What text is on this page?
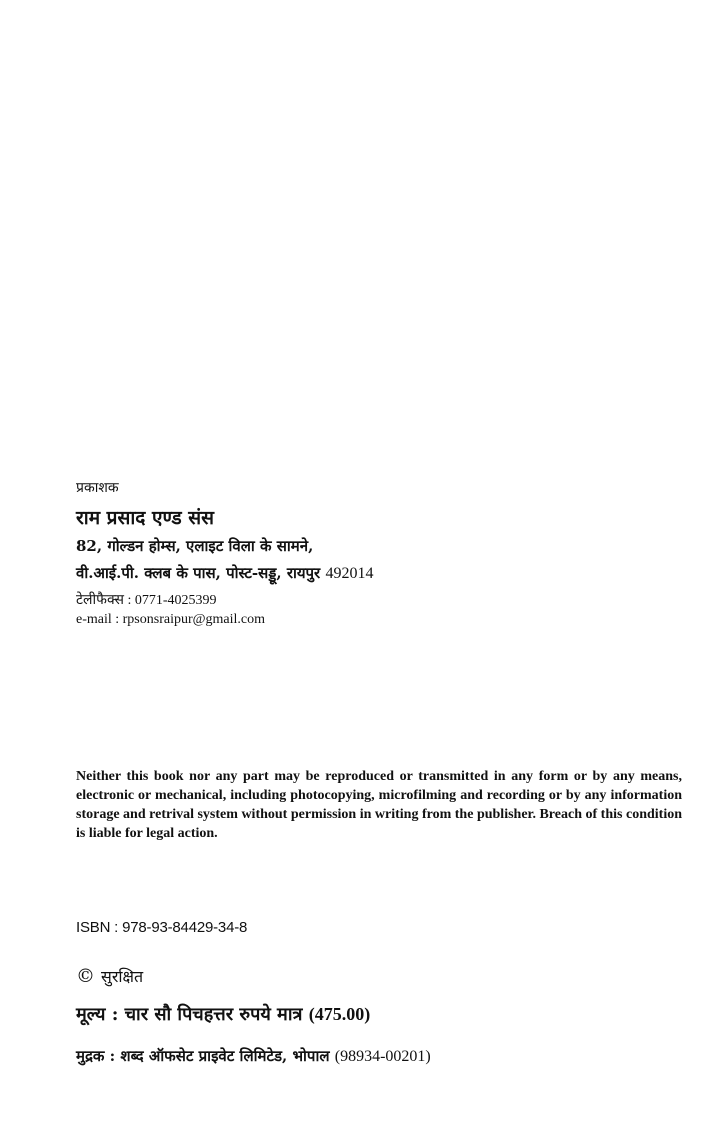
प्रकाशक
राम प्रसाद एण्ड संस
82, गोल्डन होम्स, एलाइट विला के सामने,
वी.आई.पी. क्लब के पास, पोस्ट-सड्डू, रायपुर 492014
टेलीफैक्स : 0771-4025399
e-mail : rpsonsraipur@gmail.com
Neither this book nor any part may be reproduced or transmitted in any form or by any means, electronic or mechanical, including photocopying, microfilming and recording or by any information storage and retrival system without permission in writing from the publisher. Breach of this condition is liable for legal action.
ISBN : 978-93-84429-34-8
© सुरक्षित
मूल्य : चार सौ पिचहत्तर रुपये मात्र (475.00)
मुद्रक : शब्द ऑफसेट प्राइवेट लिमिटेड, भोपाल (98934-00201)
